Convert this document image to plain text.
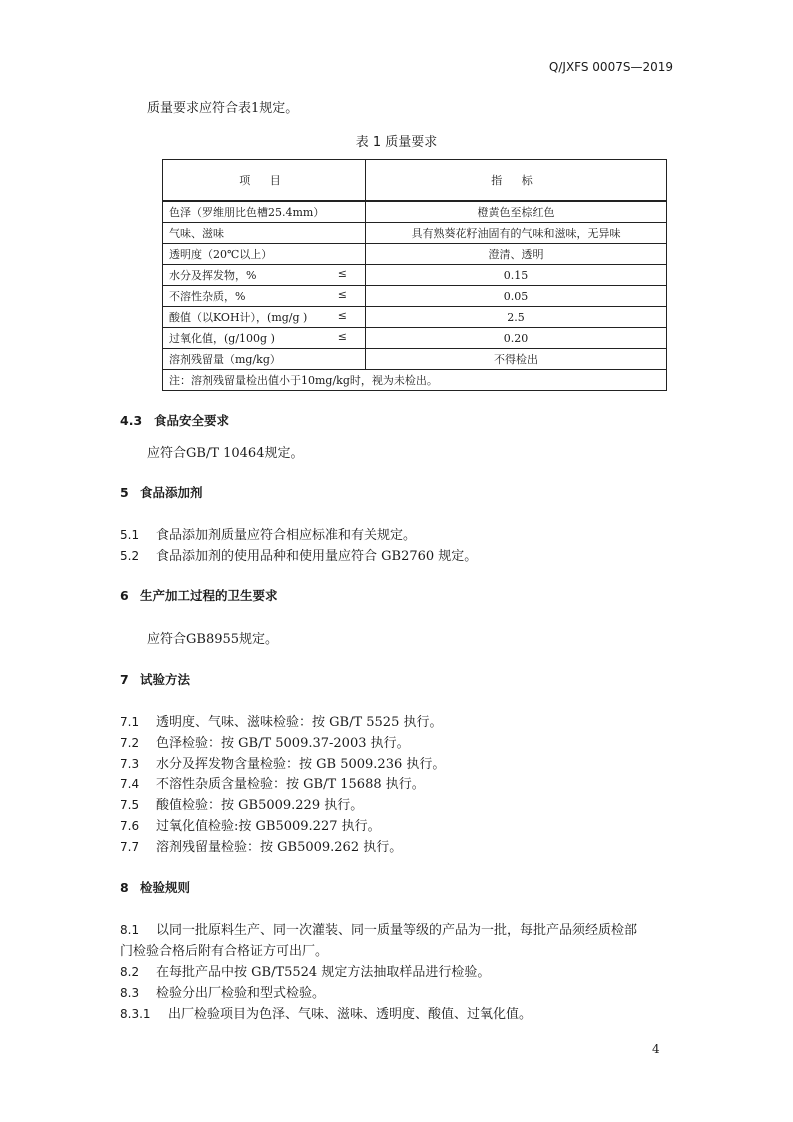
Q/JXFS 0007S—2019
质量要求应符合表1规定。
表 1 质量要求
项 目	指 标
色泽（罗维朋比色槽25.4mm）	橙黄色至棕红色
气味、滋味	具有熟葵花籽油固有的气味和滋味，无异味
透明度（20℃以上）	澄清、透明
水分及挥发物，% ≤	0.15
不溶性杂质，% ≤	0.05
酸值（以KOH计），(mg/g ) ≤	2.5
过氧化值，(g/100g ) ≤	0.20
溶剂残留量（mg/kg）	不得检出
注：溶剂残留量检出值小于10mg/kg时，视为未检出。	
4.3 食品安全要求
应符合GB/T 10464规定。
5 食品添加剂
5.1 食品添加剂质量应符合相应标准和有关规定。
5.2 食品添加剂的使用品种和使用量应符合 GB2760 规定。
6 生产加工过程的卫生要求
应符合GB8955规定。
7 试验方法
7.1 透明度、气味、滋味检验：按 GB/T 5525 执行。
7.2 色泽检验：按 GB/T 5009.37-2003 执行。
7.3 水分及挥发物含量检验：按 GB 5009.236 执行。
7.4 不溶性杂质含量检验：按 GB/T 15688 执行。
7.5 酸值检验：按 GB5009.229 执行。
7.6 过氧化值检验:按 GB5009.227 执行。
7.7 溶剂残留量检验：按 GB5009.262 执行。
8 检验规则
8.1 以同一批原料生产、同一次灌装、同一质量等级的产品为一批，每批产品须经质检部
门检验合格后附有合格证方可出厂。
8.2 在每批产品中按 GB/T5524 规定方法抽取样品进行检验。
8.3 检验分出厂检验和型式检验。
8.3.1 出厂检验项目为色泽、气味、滋味、透明度、酸值、过氧化值。
4
